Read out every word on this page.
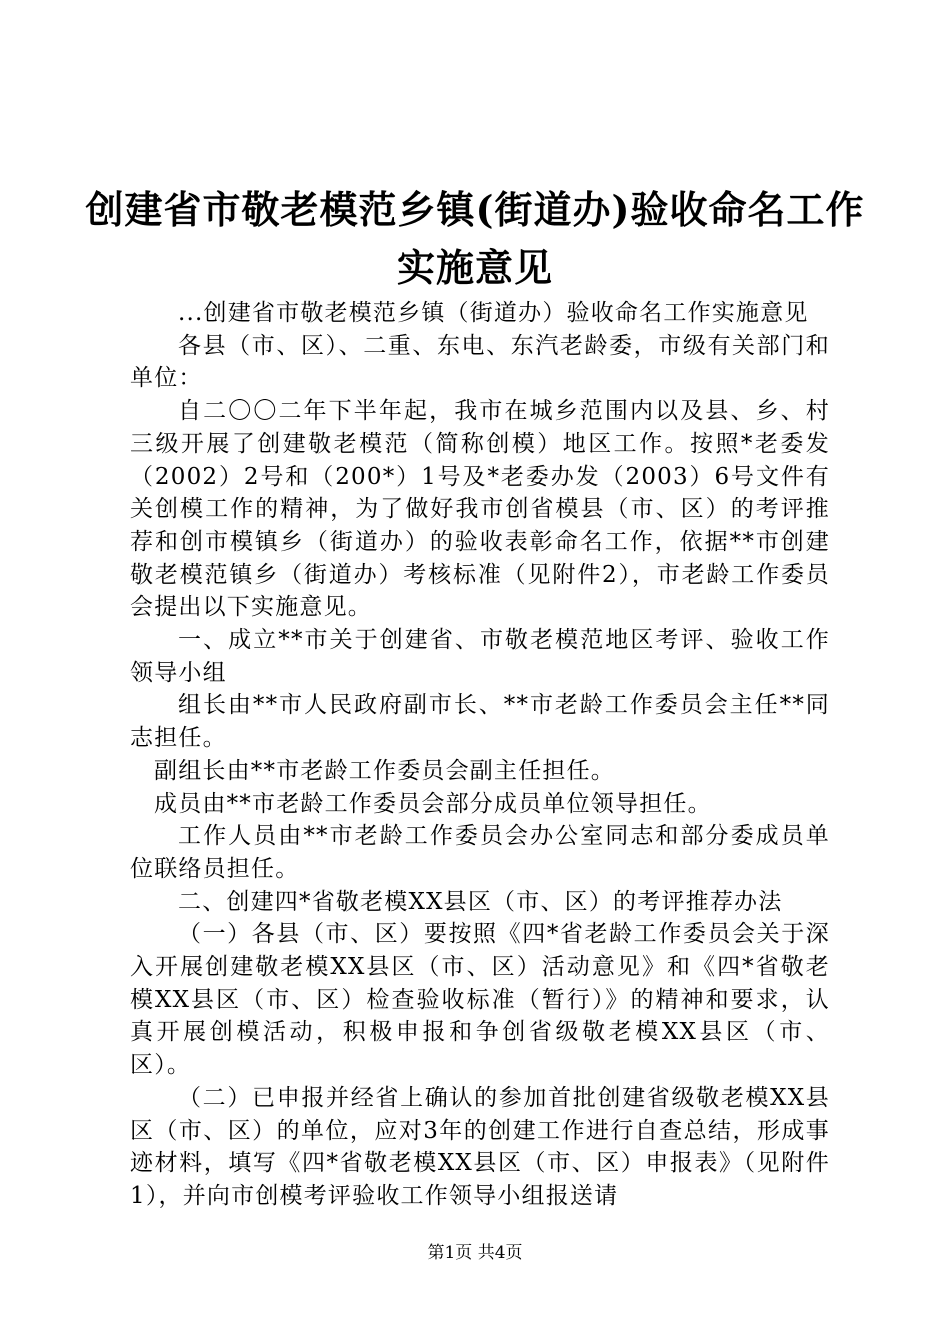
创建省市敬老模范乡镇(街道办)验收命名工作
实施意见

...创建省市敬老模范乡镇（街道办）验收命名工作实施意见

各县（市、区）、二重、东电、东汽老龄委，市级有关部门和单位：

自二〇〇二年下半年起，我市在城乡范围内以及县、乡、村三级开展了创建敬老模范（简称创模）地区工作。按照*老委发（2002）2号和（200*）1号及*老委办发（2003）6号文件有关创模工作的精神，为了做好我市创省模县（市、区）的考评推荐和创市模镇乡（街道办）的验收表彰命名工作，依据**市创建敬老模范镇乡（街道办）考核标准（见附件2），市老龄工作委员会提出以下实施意见。

一、成立**市关于创建省、市敬老模范地区考评、验收工作领导小组

组长由**市人民政府副市长、**市老龄工作委员会主任**同志担任。

副组长由**市老龄工作委员会副主任担任。

成员由**市老龄工作委员会部分成员单位领导担任。

工作人员由**市老龄工作委员会办公室同志和部分委成员单位联络员担任。

二、创建四*省敬老模XX县区（市、区）的考评推荐办法

（一）各县（市、区）要按照《四*省老龄工作委员会关于深入开展创建敬老模XX县区（市、区）活动意见》和《四*省敬老模XX县区（市、区）检查验收标准（暂行）》的精神和要求，认真开展创模活动，积极申报和争创省级敬老模XX县区（市、区）。

（二）已申报并经省上确认的参加首批创建省级敬老模XX县区（市、区）的单位，应对3年的创建工作进行自查总结，形成事迹材料，填写《四*省敬老模XX县区（市、区）申报表》（见附件1），并向市创模考评验收工作领导小组报送请

第1页 共4页
